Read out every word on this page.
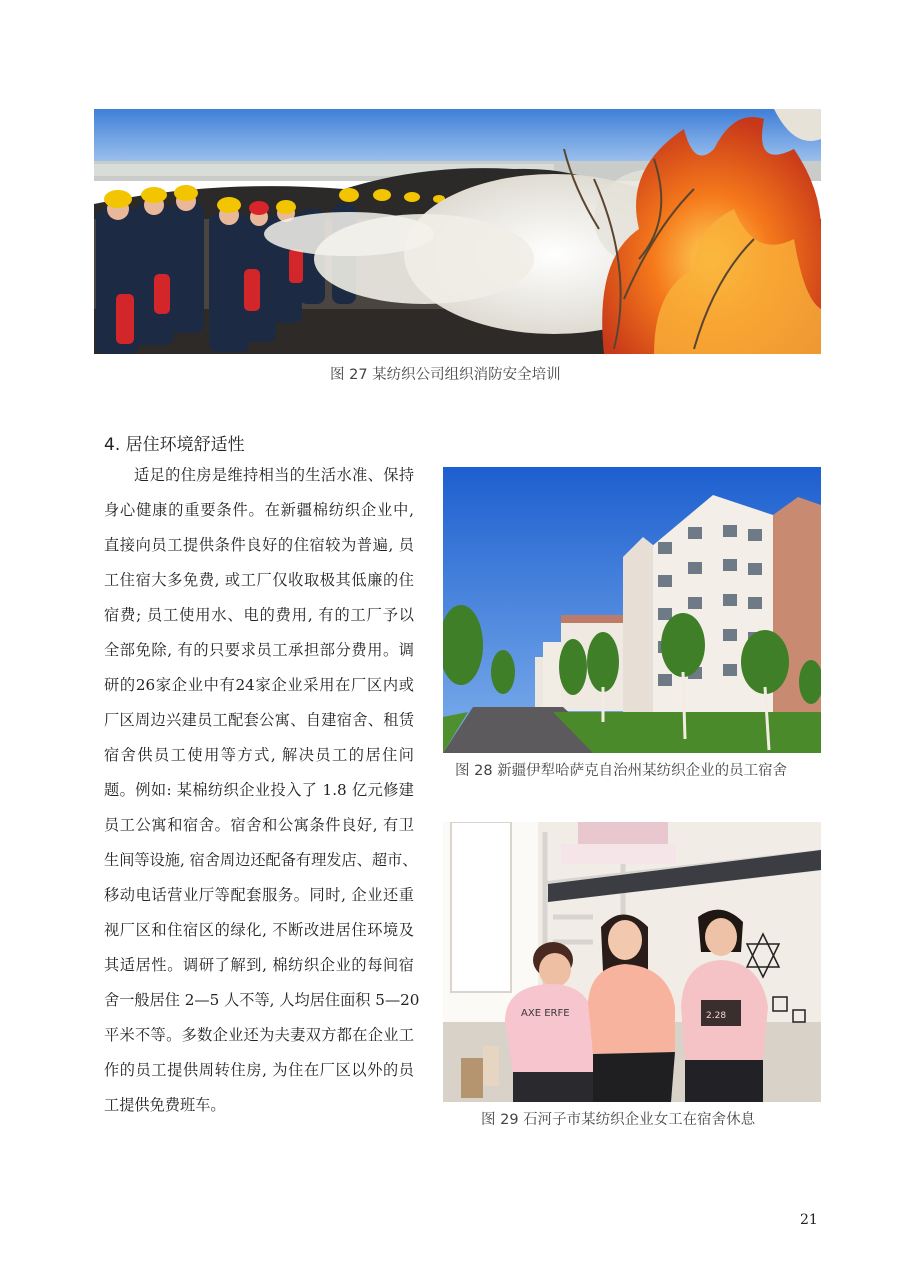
图 27 某纺织公司组织消防安全培训
4. 居住环境舒适性
适足的住房是维持相当的生活水准、保持
身心健康的重要条件。在新疆棉纺织企业中,
直接向员工提供条件良好的住宿较为普遍, 员
工住宿大多免费, 或工厂仅收取极其低廉的住
宿费; 员工使用水、电的费用, 有的工厂予以
全部免除, 有的只要求员工承担部分费用。调
研的26家企业中有24家企业采用在厂区内或
厂区周边兴建员工配套公寓、自建宿舍、租赁
宿舍供员工使用等方式, 解决员工的居住问
题。例如: 某棉纺织企业投入了 1.8 亿元修建
员工公寓和宿舍。宿舍和公寓条件良好, 有卫
生间等设施, 宿舍周边还配备有理发店、超市、
移动电话营业厅等配套服务。同时, 企业还重
视厂区和住宿区的绿化, 不断改进居住环境及
其适居性。调研了解到, 棉纺织企业的每间宿
舍一般居住 2—5 人不等, 人均居住面积 5—20
平米不等。多数企业还为夫妻双方都在企业工
作的员工提供周转住房, 为住在厂区以外的员
工提供免费班车。
图 28 新疆伊犁哈萨克自治州某纺织企业的员工宿舍
AXE ERFE	2.28
图 29 石河子市某纺织企业女工在宿舍休息
21
